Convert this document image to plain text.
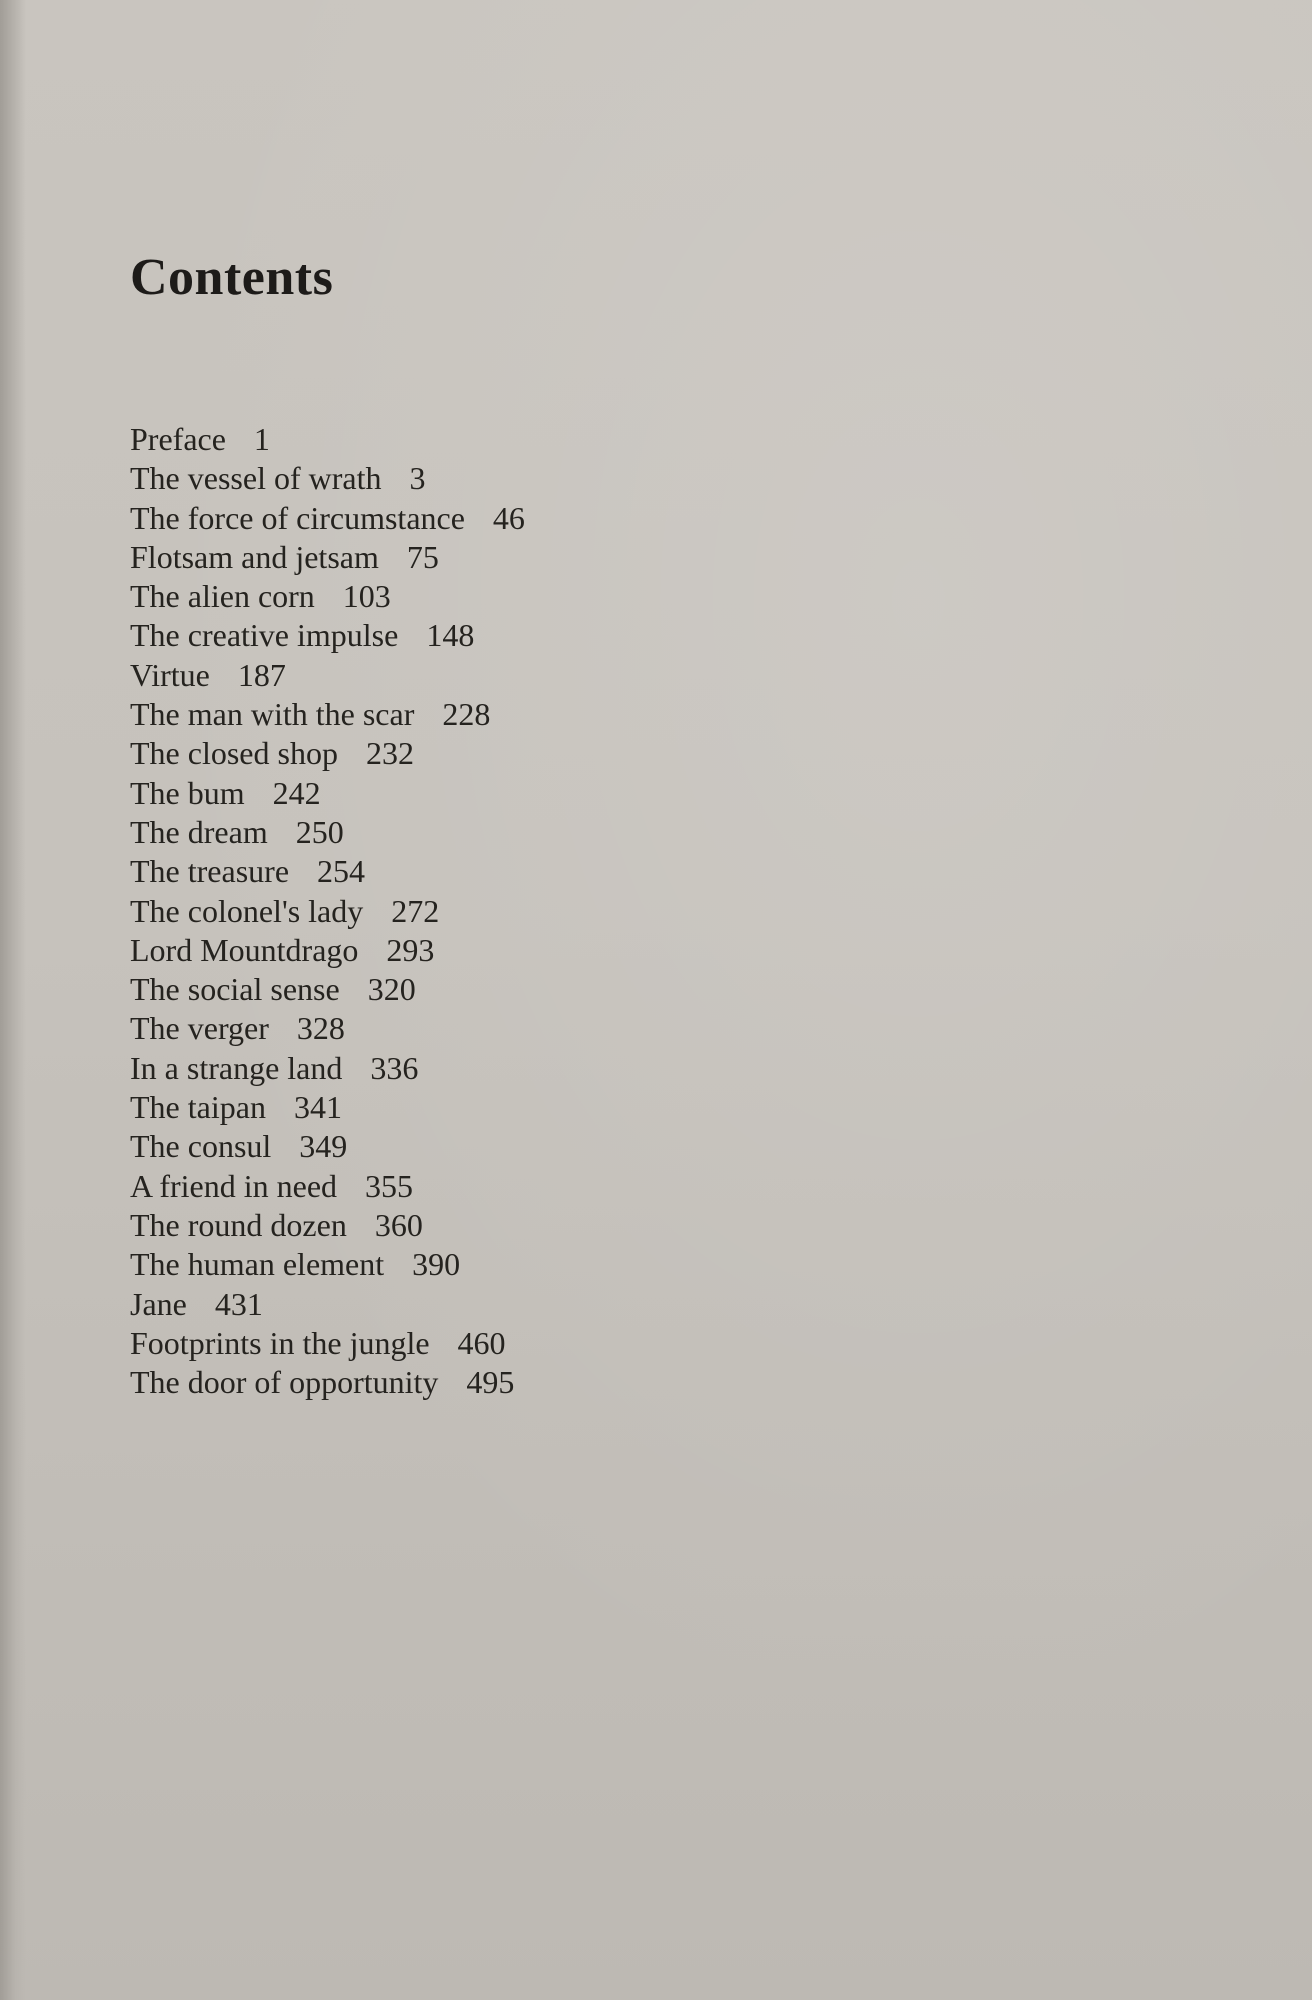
Contents
Preface 1
The vessel of wrath 3
The force of circumstance 46
Flotsam and jetsam 75
The alien corn 103
The creative impulse 148
Virtue 187
The man with the scar 228
The closed shop 232
The bum 242
The dream 250
The treasure 254
The colonel's lady 272
Lord Mountdrago 293
The social sense 320
The verger 328
In a strange land 336
The taipan 341
The consul 349
A friend in need 355
The round dozen 360
The human element 390
Jane 431
Footprints in the jungle 460
The door of opportunity 495
